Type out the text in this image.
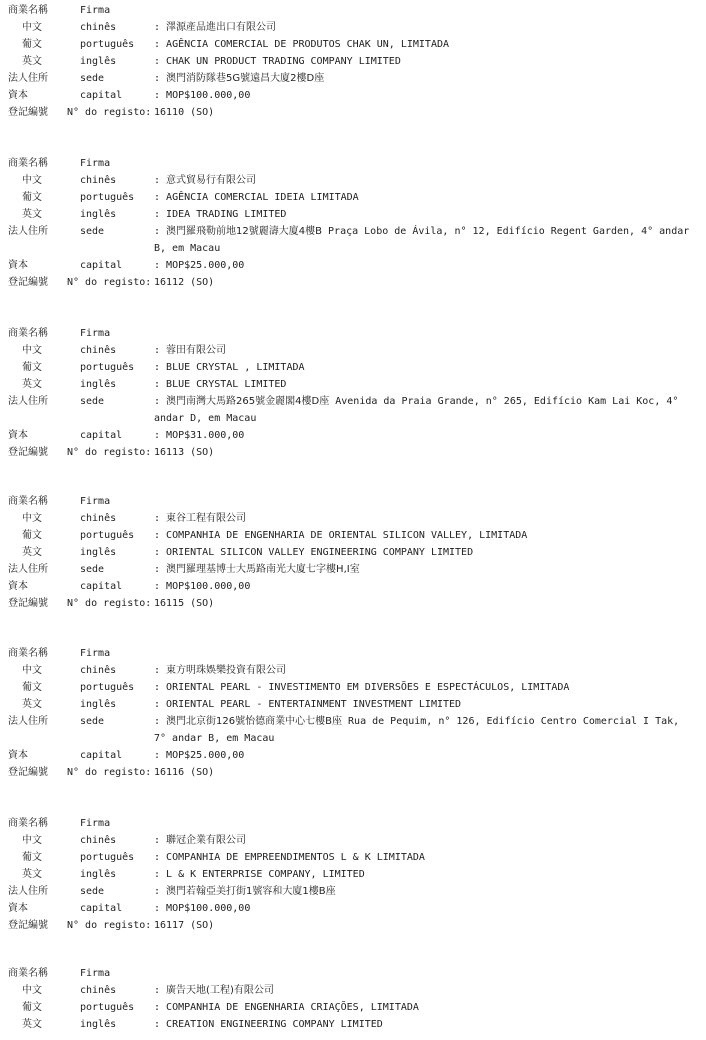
商業名稱	Firma
中文	chinês	: 澤源產品進出口有限公司
葡文	português : AGÊNCIA COMERCIAL DE PRODUTOS CHAK UN, LIMITADA
英文	inglês	: CHAK UN PRODUCT TRADING COMPANY LIMITED
法人住所	sede	: 澳門消防隊巷5G號遠昌大廈2樓D座
資本	capital	: MOP$100.000,00
登記編號	N° do registo: 16110 (SO)
商業名稱	Firma
中文	chinês	: 意式貿易行有限公司
葡文	português : AGÊNCIA COMERCIAL IDEIA LIMITADA
英文	inglês	: IDEA TRADING LIMITED
法人住所	sede	: 澳門羅飛勒前地12號麗濤大廈4樓B Praça Lobo de Ávila, n° 12, Edifício Regent Garden, 4° andar B, em Macau
資本	capital	: MOP$25.000,00
登記編號	N° do registo: 16112 (SO)
商業名稱	Firma
中文	chinês	: 蓉田有限公司
葡文	português : BLUE CRYSTAL , LIMITADA
英文	inglês	: BLUE CRYSTAL LIMITED
法人住所	sede	: 澳門南灣大馬路265號金麗閣4樓D座 Avenida da Praia Grande, n° 265, Edifício Kam Lai Koc, 4° andar D, em Macau
資本	capital	: MOP$31.000,00
登記編號	N° do registo: 16113 (SO)
商業名稱	Firma
中文	chinês	: 東谷工程有限公司
葡文	português : COMPANHIA DE ENGENHARIA DE ORIENTAL SILICON VALLEY, LIMITADA
英文	inglês	: ORIENTAL SILICON VALLEY ENGINEERING COMPANY LIMITED
法人住所	sede	: 澳門羅理基博士大馬路南光大廈七字樓H,I室
資本	capital	: MOP$100.000,00
登記編號	N° do registo: 16115 (SO)
商業名稱	Firma
中文	chinês	: 東方明珠娛樂投資有限公司
葡文	português : ORIENTAL PEARL - INVESTIMENTO EM DIVERSÕES E ESPECTÁCULOS, LIMITADA
英文	inglês	: ORIENTAL PEARL - ENTERTAINMENT INVESTMENT LIMITED
法人住所	sede	: 澳門北京街126號怡德商業中心七樓B座 Rua de Pequim, n° 126, Edifício Centro Comercial I Tak, 7° andar B, em Macau
資本	capital	: MOP$25.000,00
登記編號	N° do registo: 16116 (SO)
商業名稱	Firma
中文	chinês	: 聯冠企業有限公司
葡文	português : COMPANHIA DE EMPREENDIMENTOS L & K LIMITADA
英文	inglês	: L & K ENTERPRISE COMPANY, LIMITED
法人住所	sede	: 澳門若翰亞美打街1號容和大廈1樓B座
資本	capital	: MOP$100.000,00
登記編號	N° do registo: 16117 (SO)
商業名稱	Firma
中文	chinês	: 廣告天地(工程)有限公司
葡文	português : COMPANHIA DE ENGENHARIA CRIAÇÕES, LIMITADA
英文	inglês	: CREATION ENGINEERING COMPANY LIMITED
